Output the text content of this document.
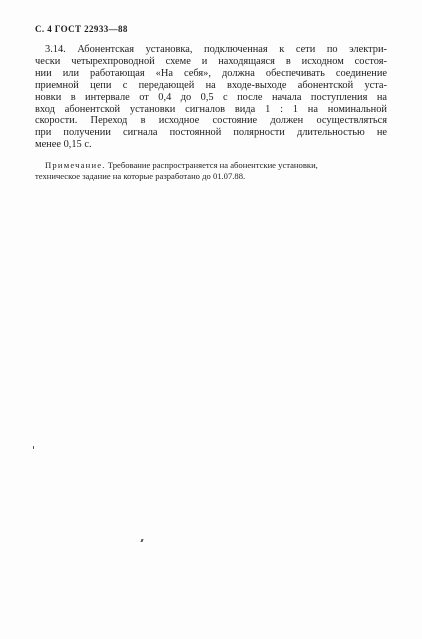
С. 4 ГОСТ 22933—88
3.14. Абонентская установка, подключенная к сети по электри-
чески четырехпроводной схеме и находящаяся в исходном состоя-
нии или работающая «На себя», должна обеспечивать соединение
приемной цепи с передающей на входе-выходе абонентской уста-
новки в интервале от 0,4 до 0,5 с после начала поступления на
вход абонентской установки сигналов вида 1 : 1 на номинальной
скорости. Переход в исходное состояние должен осуществляться
при получении сигнала постоянной полярности длительностью не
менее 0,15 с.
Примечание. Требование распространяется на абонентские установки,
техническое задание на которые разработано до 01.07.88.
